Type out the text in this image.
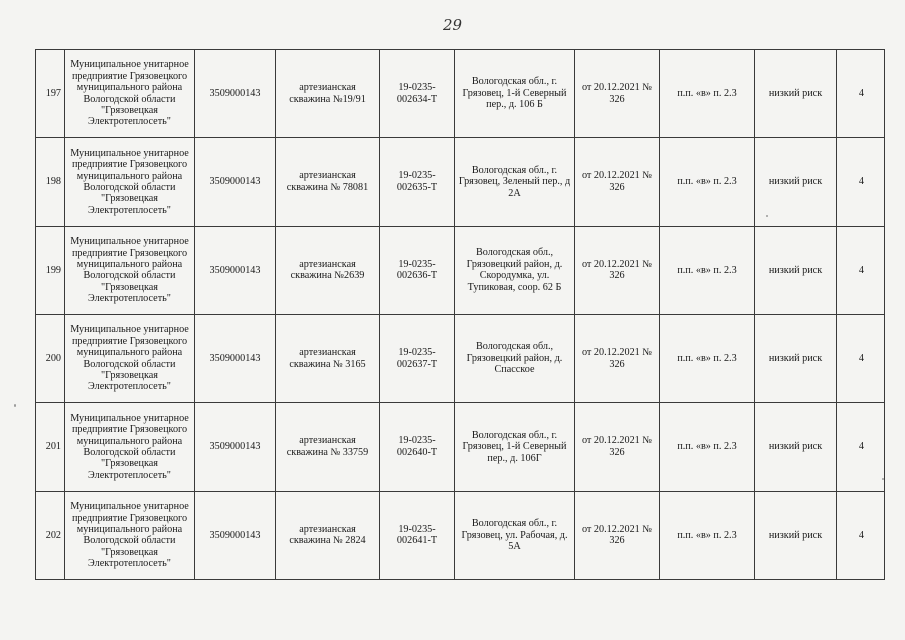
29
197	Муниципальное унитарное предприятие Грязовецкого муниципального района Вологодской области "Грязовецкая Электротеплосеть"	3509000143	артезианская скважина №19/91	19-0235-002634-Т	Вологодская обл., г. Грязовец, 1-й Северный пер., д. 106 Б	от 20.12.2021 № 326	п.п. «в» п. 2.3	низкий риск	4
198	Муниципальное унитарное предприятие Грязовецкого муниципального района Вологодской области "Грязовецкая Электротеплосеть"	3509000143	артезианская скважина № 78081	19-0235-002635-Т	Вологодская обл., г. Грязовец, Зеленый пер., д 2А	от 20.12.2021 № 326	п.п. «в» п. 2.3	низкий риск	4
199	Муниципальное унитарное предприятие Грязовецкого муниципального района Вологодской области "Грязовецкая Электротеплосеть"	3509000143	артезианская скважина №2639	19-0235-002636-Т	Вологодская обл., Грязовецкий район, д. Скородумка, ул. Тупиковая, соор. 62 Б	от 20.12.2021 № 326	п.п. «в» п. 2.3	низкий риск	4
200	Муниципальное унитарное предприятие Грязовецкого муниципального района Вологодской области "Грязовецкая Электротеплосеть"	3509000143	артезианская скважина № 3165	19-0235-002637-Т	Вологодская обл., Грязовецкий район, д. Спасское	от 20.12.2021 № 326	п.п. «в» п. 2.3	низкий риск	4
201	Муниципальное унитарное предприятие Грязовецкого муниципального района Вологодской области "Грязовецкая Электротеплосеть"	3509000143	артезианская скважина № 33759	19-0235-002640-Т	Вологодская обл., г. Грязовец, 1-й Северный пер., д. 106Г	от 20.12.2021 № 326	п.п. «в» п. 2.3	низкий риск	4
202	Муниципальное унитарное предприятие Грязовецкого муниципального района Вологодской области "Грязовецкая Электротеплосеть"	3509000143	артезианская скважина № 2824	19-0235-002641-Т	Вологодская обл., г. Грязовец, ул. Рабочая, д. 5А	от 20.12.2021 № 326	п.п. «в» п. 2.3	низкий риск	4
